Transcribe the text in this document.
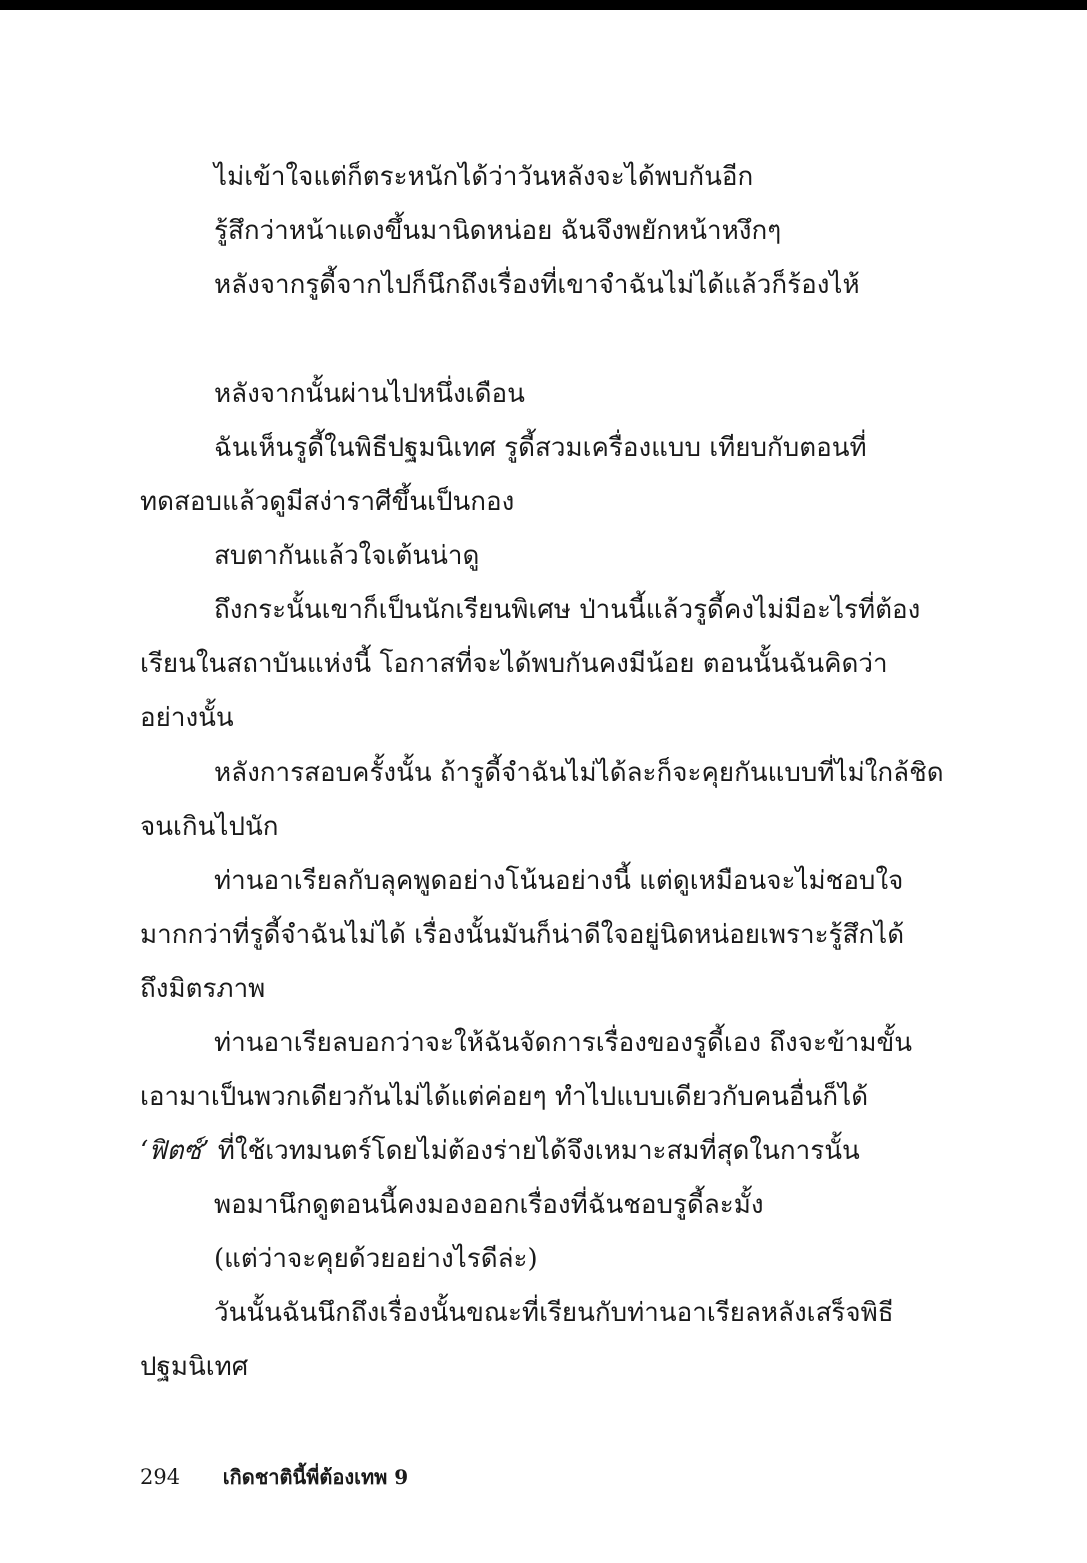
ไม่เข้าใจแต่ก็ตระหนักได้ว่าวันหลังจะได้พบกันอีก
รู้สึกว่าหน้าแดงขึ้นมานิดหน่อย ฉันจึงพยักหน้าหงึกๆ
หลังจากรูดี้จากไปก็นึกถึงเรื่องที่เขาจำฉันไม่ได้แล้วก็ร้องไห้
หลังจากนั้นผ่านไปหนึ่งเดือน
ฉันเห็นรูดี้ในพิธีปฐมนิเทศ รูดี้สวมเครื่องแบบ เทียบกับตอนที่
ทดสอบแล้วดูมีสง่าราศีขึ้นเป็นกอง
สบตากันแล้วใจเต้นน่าดู
ถึงกระนั้นเขาก็เป็นนักเรียนพิเศษ ป่านนี้แล้วรูดี้คงไม่มีอะไรที่ต้อง
เรียนในสถาบันแห่งนี้ โอกาสที่จะได้พบกันคงมีน้อย ตอนนั้นฉันคิดว่า
อย่างนั้น
หลังการสอบครั้งนั้น ถ้ารูดี้จำฉันไม่ได้ละก็จะคุยกันแบบที่ไม่ใกล้ชิด
จนเกินไปนัก
ท่านอาเรียลกับลุคพูดอย่างโน้นอย่างนี้ แต่ดูเหมือนจะไม่ชอบใจ
มากกว่าที่รูดี้จำฉันไม่ได้ เรื่องนั้นมันก็น่าดีใจอยู่นิดหน่อยเพราะรู้สึกได้
ถึงมิตรภาพ
ท่านอาเรียลบอกว่าจะให้ฉันจัดการเรื่องของรูดี้เอง ถึงจะข้ามขั้น
เอามาเป็นพวกเดียวกันไม่ได้แต่ค่อยๆ ทำไปแบบเดียวกับคนอื่นก็ได้
‘ฟิตซ์’ ที่ใช้เวทมนตร์โดยไม่ต้องร่ายได้จึงเหมาะสมที่สุดในการนั้น
พอมานึกดูตอนนี้คงมองออกเรื่องที่ฉันชอบรูดี้ละมั้ง
(แต่ว่าจะคุยด้วยอย่างไรดีล่ะ)
วันนั้นฉันนึกถึงเรื่องนั้นขณะที่เรียนกับท่านอาเรียลหลังเสร็จพิธี
ปฐมนิเทศ
294 เกิดชาตินี้พี่ต้องเทพ 9
